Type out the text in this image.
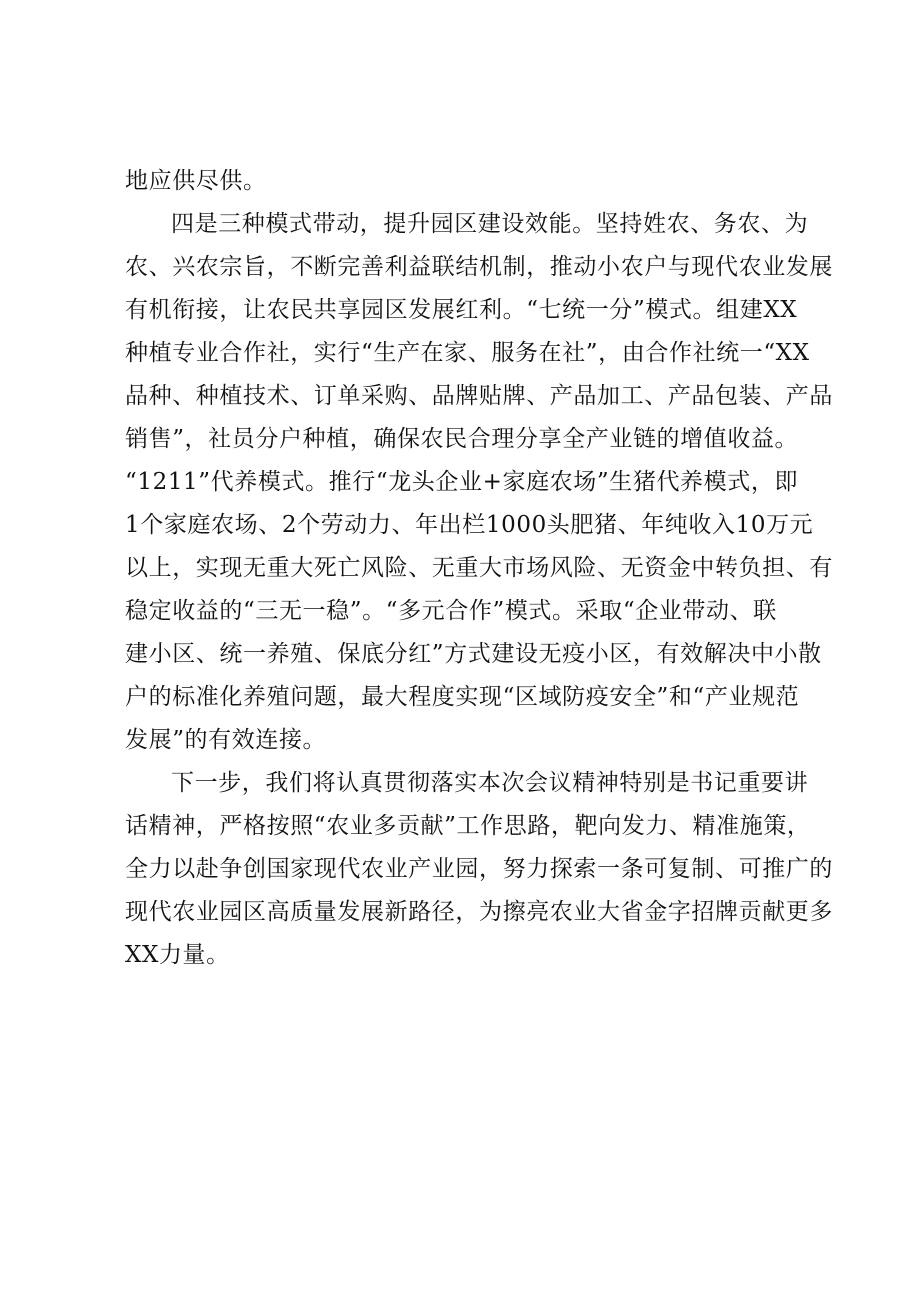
地应供尽供。
四是三种模式带动，提升园区建设效能。坚持姓农、务农、为
农、兴农宗旨，不断完善利益联结机制，推动小农户与现代农业发展
有机衔接，让农民共享园区发展红利。“七统一分”模式。组建XX
种植专业合作社，实行“生产在家、服务在社”，由合作社统一“XX
品种、种植技术、订单采购、品牌贴牌、产品加工、产品包装、产品
销售”，社员分户种植，确保农民合理分享全产业链的增值收益。
“1211”代养模式。推行“龙头企业+家庭农场”生猪代养模式，即
1个家庭农场、2个劳动力、年出栏1000头肥猪、年纯收入10万元
以上，实现无重大死亡风险、无重大市场风险、无资金中转负担、有
稳定收益的“三无一稳”。“多元合作”模式。采取“企业带动、联
建小区、统一养殖、保底分红”方式建设无疫小区，有效解决中小散
户的标准化养殖问题，最大程度实现“区域防疫安全”和“产业规范
发展”的有效连接。
下一步，我们将认真贯彻落实本次会议精神特别是书记重要讲
话精神，严格按照“农业多贡献”工作思路，靶向发力、精准施策，
全力以赴争创国家现代农业产业园，努力探索一条可复制、可推广的
现代农业园区高质量发展新路径，为擦亮农业大省金字招牌贡献更多
XX力量。
